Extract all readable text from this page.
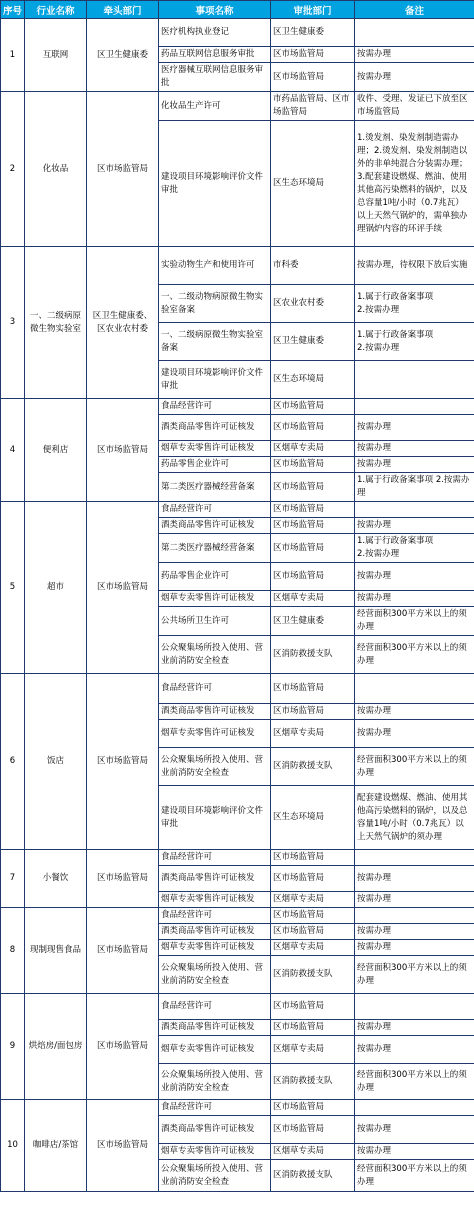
序号	行业名称	牵头部门	事项名称	审批部门	备注
1	互联网	区卫生健康委	医疗机构执业登记	区卫生健康委	
			药品互联网信息服务审批	区市场监管局	按需办理
			医疗器械互联网信息服务审批	区市场监管局	按需办理
2	化妆品	区市场监管局	化妆品生产许可	市药品监管局、区市场监管局	收件、受理、发证已下放至区市场监管局
			建设项目环境影响评价文件审批	区生态环境局	1.烫发剂、染发剂制造需办理；2.烫发剂、染发剂制造以外的非单纯混合分装需办理；3.配套建设燃煤、燃油、使用其他高污染燃料的锅炉，以及总容量1吨/小时（0.7兆瓦）以上天然气锅炉的，需单独办理锅炉内容的环评手续
3	一、二级病原微生物实验室	区卫生健康委、区农业农村委	实验动物生产和使用许可	市科委	按需办理，待权限下放后实施
			一、二级动物病原微生物实验室备案	区农业农村委	1.属于行政备案事项
2.按需办理
			一、二级病原微生物实验室备案	区卫生健康委	1.属于行政备案事项
2.按需办理
			建设项目环境影响评价文件审批	区生态环境局	
4	便利店	区市场监管局	食品经营许可	区市场监管局	
			酒类商品零售许可证核发	区市场监管局	按需办理
			烟草专卖零售许可证核发	区烟草专卖局	按需办理
			药品零售企业许可	区市场监管局	按需办理
			第二类医疗器械经营备案	区市场监管局	1.属于行政备案事项 2.按需办理
5	超市	区市场监管局	食品经营许可	区市场监管局	
			酒类商品零售许可证核发	区市场监管局	按需办理
			第二类医疗器械经营备案	区市场监管局	1.属于行政备案事项
2.按需办理
			药品零售企业许可	区市场监管局	按需办理
			烟草专卖零售许可证核发	区烟草专卖局	按需办理
			公共场所卫生许可	区卫生健康委	经营面积300平方米以上的须办理
			公众聚集场所投入使用、营业前消防安全检查	区消防救援支队	经营面积300平方米以上的须办理
6	饭店	区市场监管局	食品经营许可	区市场监管局	
			酒类商品零售许可证核发	区市场监管局	按需办理
			烟草专卖零售许可证核发	区烟草专卖局	按需办理
			公众聚集场所投入使用、营业前消防安全检查	区消防救援支队	经营面积300平方米以上的须办理
			建设项目环境影响评价文件审批	区生态环境局	配套建设燃煤、燃油、使用其他高污染燃料的锅炉，以及总容量1吨/小时（0.7兆瓦）以上天然气锅炉的须办理
7	小餐饮	区市场监管局	食品经营许可	区市场监管局	
			酒类商品零售许可证核发	区市场监管局	按需办理
			烟草专卖零售许可证核发	区烟草专卖局	按需办理
8	现制现售食品	区市场监管局	食品经营许可	区市场监管局	
			酒类商品零售许可证核发	区市场监管局	按需办理
			烟草专卖零售许可证核发	区烟草专卖局	按需办理
			公众聚集场所投入使用、营业前消防安全检查	区消防救援支队	经营面积300平方米以上的须办理
9	烘焙房/面包房	区市场监管局	食品经营许可	区市场监管局	
			酒类商品零售许可证核发	区市场监管局	按需办理
			烟草专卖零售许可证核发	区烟草专卖局	按需办理
			公众聚集场所投入使用、营业前消防安全检查	区消防救援支队	经营面积300平方米以上的须办理
10	咖啡店/茶馆	区市场监管局	食品经营许可	区市场监管局	
			酒类商品零售许可证核发	区市场监管局	按需办理
			烟草专卖零售许可证核发	区烟草专卖局	按需办理
			公众聚集场所投入使用、营业前消防安全检查	区消防救援支队	经营面积300平方米以上的须办理
